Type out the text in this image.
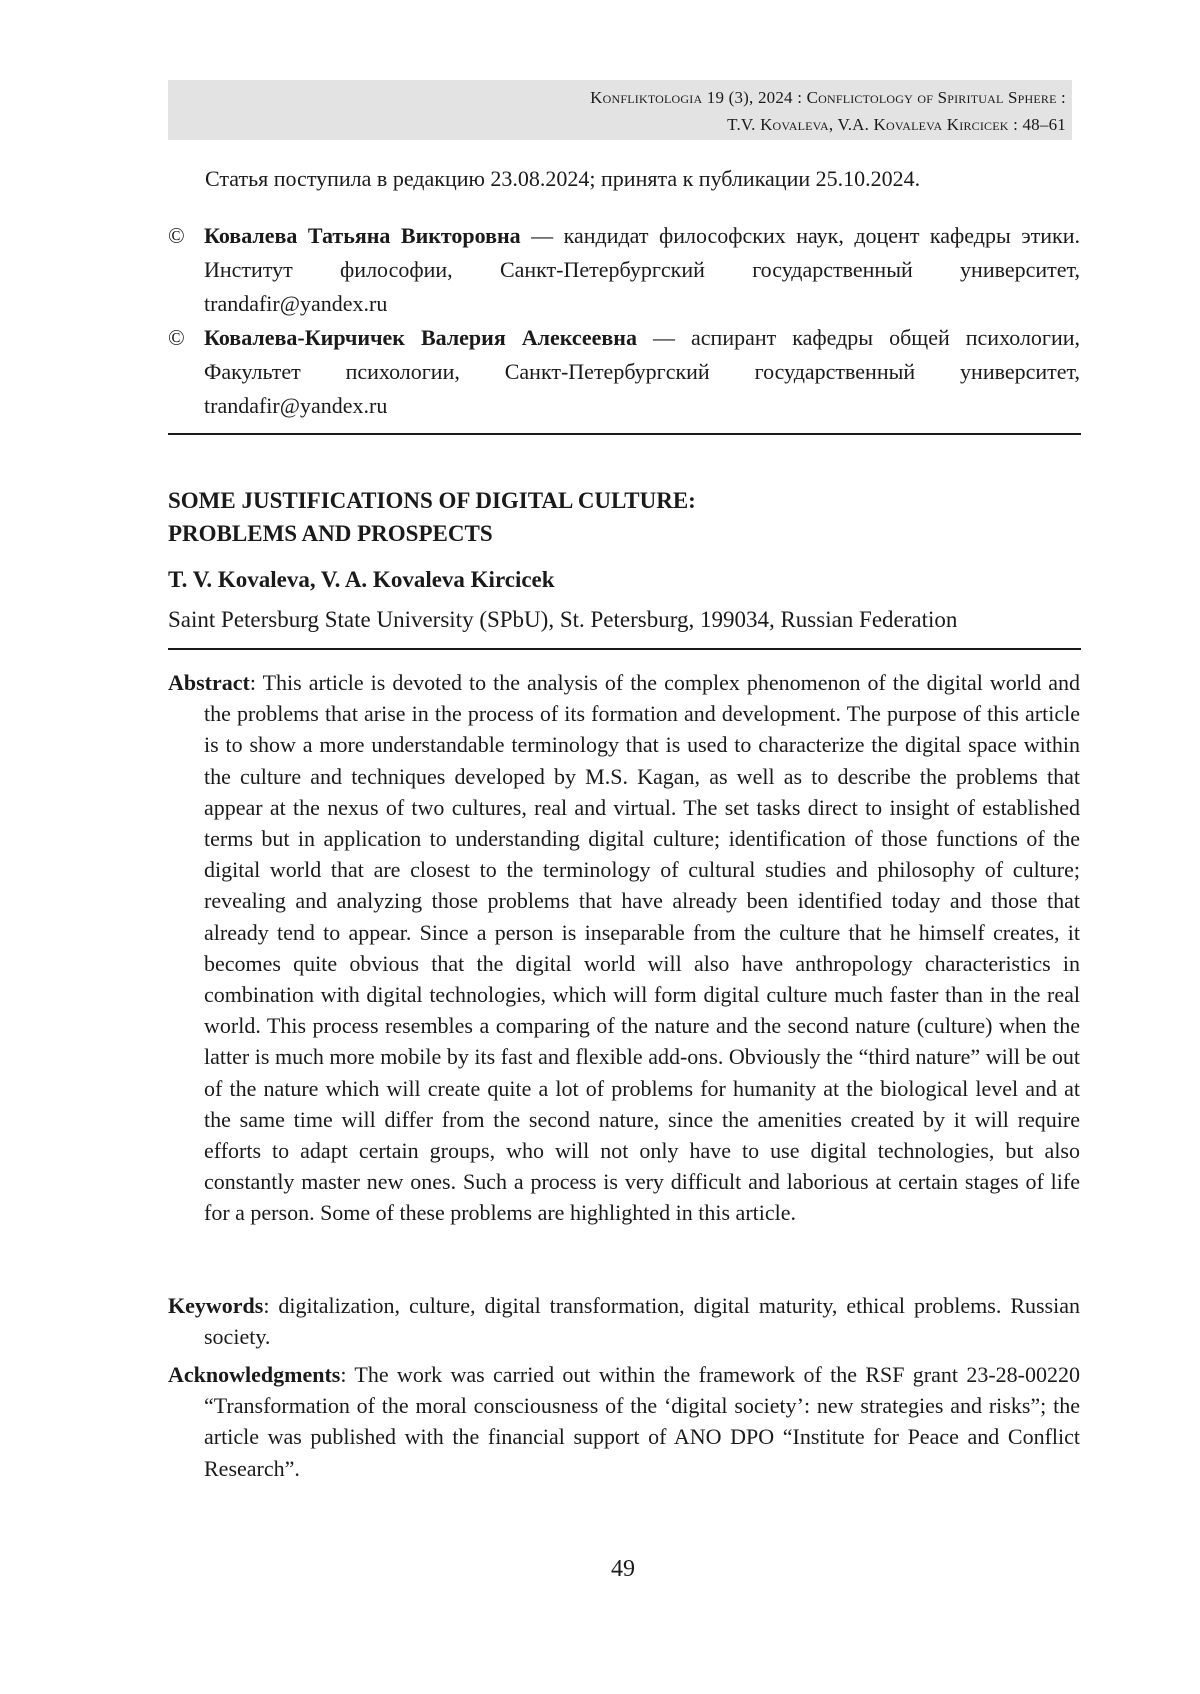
Konfliktologia 19 (3), 2024 : Conflictology of Spiritual Sphere :
T.V. Kovaleva, V.A. Kovaleva Kircicek : 48–61
Статья поступила в редакцию 23.08.2024; принята к публикации 25.10.2024.
© Ковалева Татьяна Викторовна — кандидат философских наук, доцент кафедры этики. Институт философии, Санкт-Петербургский государственный университет, trandafir@yandex.ru
© Ковалева-Кирчичек Валерия Алексеевна — аспирант кафедры общей психологии, Факультет психологии, Санкт-Петербургский государственный университет, trandafir@yandex.ru
SOME JUSTIFICATIONS OF DIGITAL CULTURE:
PROBLEMS AND PROSPECTS
T. V. Kovaleva, V. A. Kovaleva Kircicek
Saint Petersburg State University (SPbU), St. Petersburg, 199034, Russian Federation
Abstract: This article is devoted to the analysis of the complex phenomenon of the digital world and the problems that arise in the process of its formation and development. The purpose of this article is to show a more understandable terminology that is used to characterize the digital space within the culture and techniques developed by M.S. Kagan, as well as to describe the problems that appear at the nexus of two cultures, real and virtual. The set tasks direct to insight of established terms but in application to understanding digital culture; identification of those functions of the digital world that are closest to the terminology of cultural studies and philosophy of culture; revealing and analyzing those problems that have already been identified today and those that already tend to appear. Since a person is inseparable from the culture that he himself creates, it becomes quite obvious that the digital world will also have anthropology characteristics in combination with digital technologies, which will form digital culture much faster than in the real world. This process resembles a comparing of the nature and the second nature (culture) when the latter is much more mobile by its fast and flexible add-ons. Obviously the “third nature” will be out of the nature which will create quite a lot of problems for humanity at the biological level and at the same time will differ from the second nature, since the amenities created by it will require efforts to adapt certain groups, who will not only have to use digital technologies, but also constantly master new ones. Such a process is very difficult and laborious at certain stages of life for a person. Some of these problems are highlighted in this article.
Keywords: digitalization, culture, digital transformation, digital maturity, ethical problems. Russian society.
Acknowledgments: The work was carried out within the framework of the RSF grant 23-28-00220 “Transformation of the moral consciousness of the ‘digital society’: new strategies and risks”; the article was published with the financial support of ANO DPO “Institute for Peace and Conflict Research”.
49
